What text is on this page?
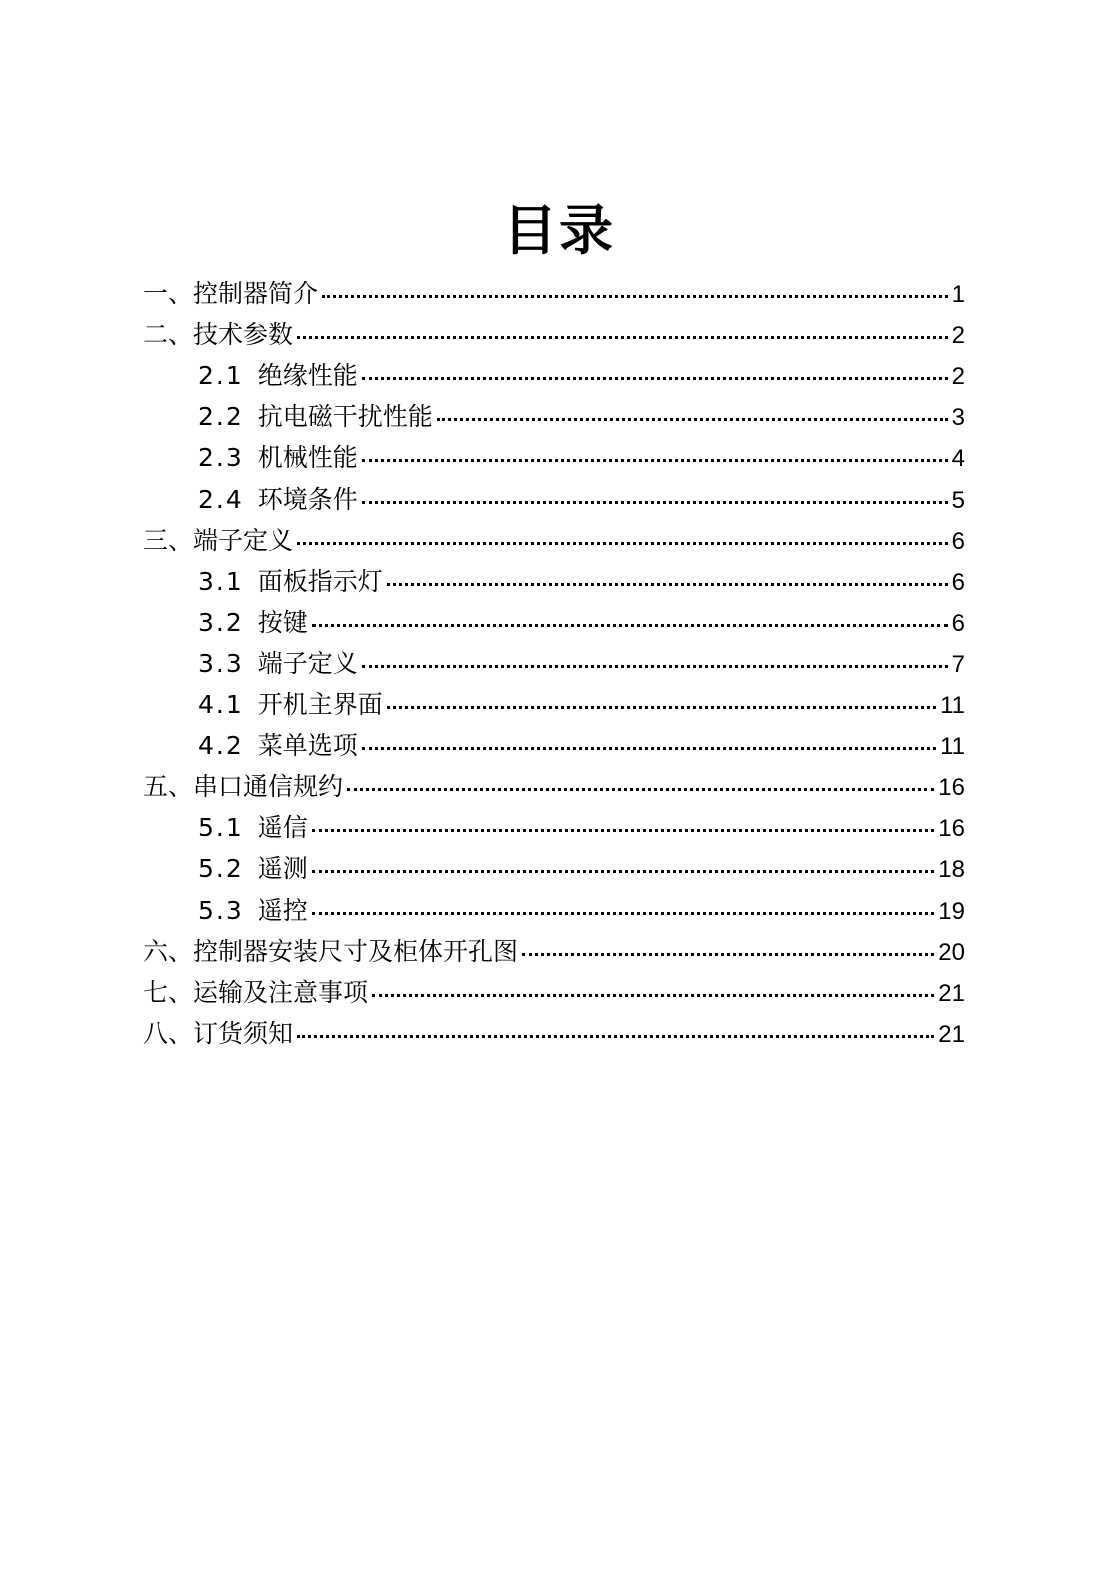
目录
一、控制器简介	1
二、技术参数	2
2.1 绝缘性能	2
2.2 抗电磁干扰性能	3
2.3 机械性能	4
2.4 环境条件	5
三、端子定义	6
3.1 面板指示灯	6
3.2 按键	6
3.3 端子定义	7
4.1 开机主界面	11
4.2 菜单选项	11
五、串口通信规约	16
5.1 遥信	16
5.2 遥测	18
5.3 遥控	19
六、控制器安装尺寸及柜体开孔图	20
七、运输及注意事项	21
八、订货须知	21
